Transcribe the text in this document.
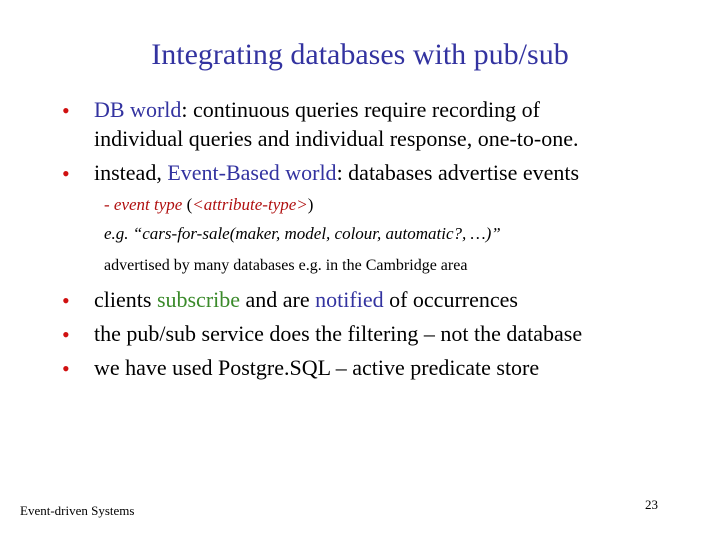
Integrating databases with pub/sub
• DB world: continuous queries require recording of
individual queries and individual response, one-to-one.
• instead, Event-Based world: databases advertise events
- event type (<attribute-type>)
e.g. “cars-for-sale(maker, model, colour, automatic?, …)”
advertised by many databases e.g. in the Cambridge area
• clients subscribe and are notified of occurrences
• the pub/sub service does the filtering – not the database
• we have used Postgre.SQL – active predicate store
Event-driven Systems	23
